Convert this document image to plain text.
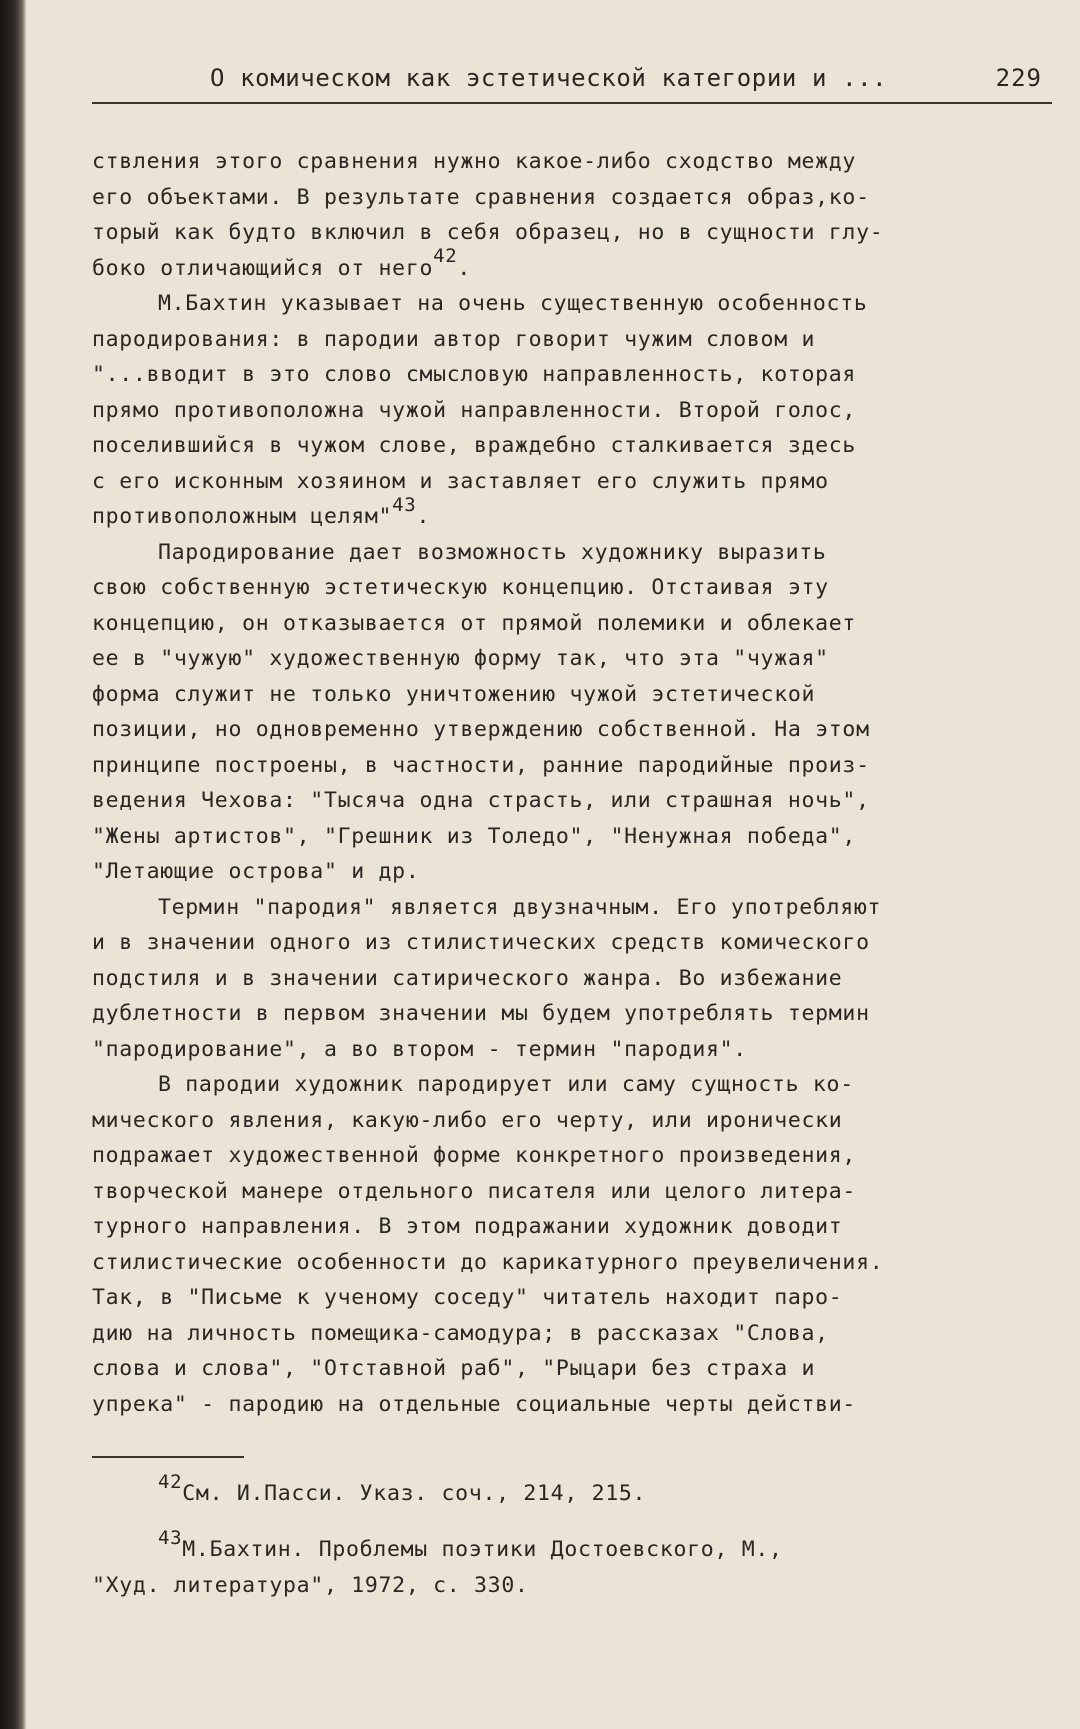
О комическом как эстетической категории и ...	229
ствления этого сравнения нужно какое-либо сходство между
его объектами. В результате сравнения создается образ,ко-
торый как будто включил в себя образец, но в сущности глу-
боко отличающийся от него$^{42}$.
М.Бахтин указывает на очень существенную особенность
пародирования: в пародии автор говорит чужим словом и
"...вводит в это слово смысловую направленность, которая
прямо противоположна чужой направленности. Второй голос,
поселившийся в чужом слове, враждебно сталкивается здесь
с его исконным хозяином и заставляет его служить прямо
противоположным целям"$^{43}$.
Пародирование дает возможность художнику выразить
свою собственную эстетическую концепцию. Отстаивая эту
концепцию, он отказывается от прямой полемики и облекает
ее в "чужую" художественную форму так, что эта "чужая"
форма служит не только уничтожению чужой эстетической
позиции, но одновременно утверждению собственной. На этом
принципе построены, в частности, ранние пародийные произ-
ведения Чехова: "Тысяча одна страсть, или страшная ночь",
"Жены артистов", "Грешник из Толедо", "Ненужная победа",
"Летающие острова" и др.
Термин "пародия" является двузначным. Его употребляют
и в значении одного из стилистических средств комического
подстиля и в значении сатирического жанра. Во избежание
дублетности в первом значении мы будем употреблять термин
"пародирование", а во втором - термин "пародия".
В пародии художник пародирует или саму сущность ко-
мического явления, какую-либо его черту, или иронически
подражает художественной форме конкретного произведения,
творческой манере отдельного писателя или целого литера-
турного направления. В этом подражании художник доводит
стилистические особенности до карикатурного преувеличения.
Так, в "Письме к ученому соседу" читатель находит паро-
дию на личность помещика-самодура; в рассказах "Слова,
слова и слова", "Отставной раб", "Рыцари без страха и
упрека" - пародию на отдельные социальные черты действи-
42См. И.Пасси. Указ. соч., 214, 215.
43М.Бахтин. Проблемы поэтики Достоевского, М.,
"Худ. литература", 1972, с. 330.
